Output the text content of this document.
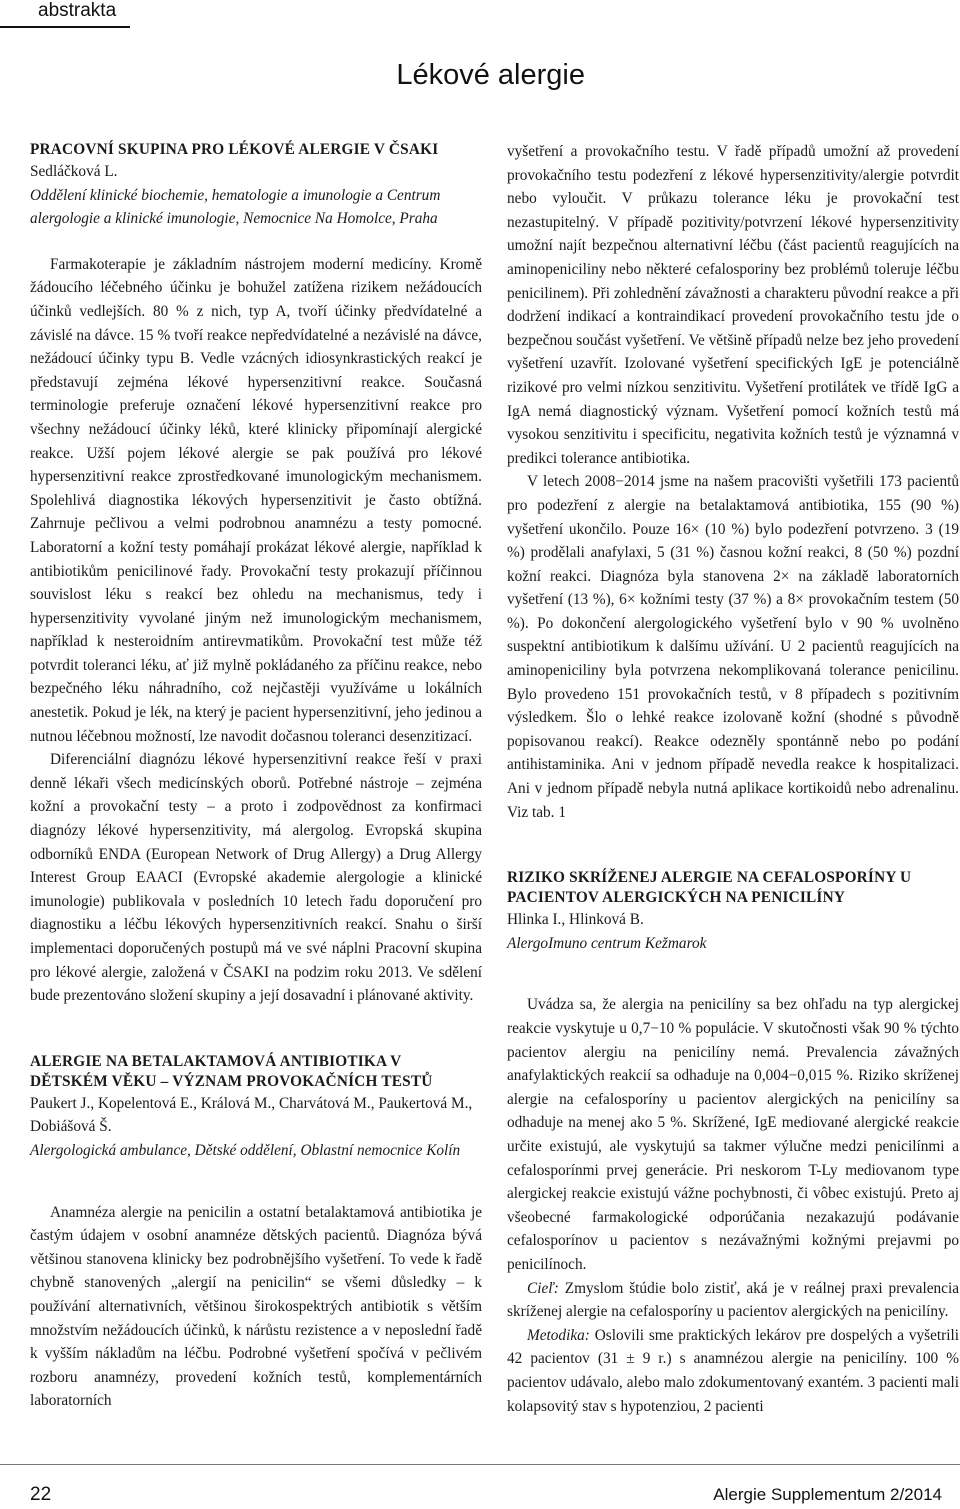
abstrakta
Lékové alergie
PRACOVNÍ SKUPINA PRO LÉKOVÉ ALERGIE V ČSAKI

Sedláčková L.

Oddělení klinické biochemie, hematologie a imunologie a Centrum alergologie a klinické imunologie, Nemocnice Na Homolce, Praha

Farmakoterapie je základním nástrojem moderní medicíny. Kromě žádoucího léčebného účinku je bohužel zatížena rizikem nežádoucích účinků vedlejších. 80 % z nich, typ A, tvoří účinky předvídatelné a závislé na dávce. 15 % tvoří reakce nepředvídatelné a nezávislé na dávce, nežádoucí účinky typu B. Vedle vzácných idiosynkrastických reakcí je představují zejména lékové hypersenzitivní reakce. Současná terminologie preferuje označení lékové hypersenzitivní reakce pro všechny nežádoucí účinky léků, které klinicky připomínají alergické reakce. Užší pojem lékové alergie se pak používá pro lékové hypersenzitivní reakce zprostředkované imunologickým mechanismem. Spolehlivá diagnostika lékových hypersenzitivit je často obtížná. Zahrnuje pečlivou a velmi podrobnou anamnézu a testy pomocné. Laboratorní a kožní testy pomáhají prokázat lékové alergie, například k antibiotikům penicilinové řady. Provokační testy prokazují příčinnou souvislost léku s reakcí bez ohledu na mechanismus, tedy i hypersenzitivity vyvolané jiným než imunologickým mechanismem, například k nesteroidním antirevmatikům. Provokační test může též potvrdit toleranci léku, ať již mylně pokládaného za příčinu reakce, nebo bezpečného léku náhradního, což nejčastěji využíváme u lokálních anestetik. Pokud je lék, na který je pacient hypersenzitivní, jeho jedinou a nutnou léčebnou možností, lze navodit dočasnou toleranci desenzitizací.

Diferenciální diagnózu lékové hypersenzitivní reakce řeší v praxi denně lékaři všech medicínských oborů. Potřebné nástroje – zejména kožní a provokační testy – a proto i zodpovědnost za konfirmaci diagnózy lékové hypersenzitivity, má alergolog. Evropská skupina odborníků ENDA (European Network of Drug Allergy) a Drug Allergy Interest Group EAACI (Evropské akademie alergologie a klinické imunologie) publikovala v posledních 10 letech řadu doporučení pro diagnostiku a léčbu lékových hypersenzitivních reakcí. Snahu o širší implementaci doporučených postupů má ve své náplni Pracovní skupina pro lékové alergie, založená v ČSAKI na podzim roku 2013. Ve sdělení bude prezentováno složení skupiny a její dosavadní i plánované aktivity.

ALERGIE NA BETALAKTAMOVÁ ANTIBIOTIKA V DĚTSKÉM VĚKU – VÝZNAM PROVOKAČNÍCH TESTŮ

Paukert J., Kopelentová E., Králová M., Charvátová M., Paukertová M., Dobiášová Š.

Alergologická ambulance, Dětské oddělení, Oblastní nemocnice Kolín

Anamnéza alergie na penicilin a ostatní betalaktamová antibiotika je častým údajem v osobní anamnéze dětských pacientů. Diagnóza bývá většinou stanovena klinicky bez podrobnějšího vyšetření. To vede k řadě chybně stanovených „alergií na penicilin“ se všemi důsledky – k používání alternativních, většinou širokospektrých antibiotik s větším množstvím nežádoucích účinků, k nárůstu rezistence a v neposlední řadě k vyšším nákladům na léčbu. Podrobné vyšetření spočívá v pečlivém rozboru anamnézy, provedení kožních testů, komplementárních laboratorních

vyšetření a provokačního testu. V řadě případů umožní až provedení provokačního testu podezření z lékové hypersenzitivity/alergie potvrdit nebo vyloučit. V průkazu tolerance léku je provokační test nezastupitelný. V případě pozitivity/potvrzení lékové hypersenzitivity umožní najít bezpečnou alternativní léčbu (část pacientů reagujících na aminopeniciliny nebo některé cefalosporiny bez problémů toleruje léčbu penicilinem). Při zohlednění závažnosti a charakteru původní reakce a při dodržení indikací a kontraindikací provedení provokačního testu jde o bezpečnou součást vyšetření. Ve většině případů nelze bez jeho provedení vyšetření uzavřít. Izolované vyšetření specifických IgE je potenciálně rizikové pro velmi nízkou senzitivitu. Vyšetření protilátek ve třídě IgG a IgA nemá diagnostický význam. Vyšetření pomocí kožních testů má vysokou senzitivitu i specificitu, negativita kožních testů je významná v predikci tolerance antibiotika.

V letech 2008−2014 jsme na našem pracovišti vyšetřili 173 pacientů pro podezření z alergie na betalaktamová antibiotika, 155 (90 %) vyšetření ukončilo. Pouze 16× (10 %) bylo podezření potvrzeno. 3 (19 %) prodělali anafylaxi, 5 (31 %) časnou kožní reakci, 8 (50 %) pozdní kožní reakci. Diagnóza byla stanovena 2× na základě laboratorních vyšetření (13 %), 6× kožními testy (37 %) a 8× provokačním testem (50 %). Po dokončení alergologického vyšetření bylo v 90 % uvolněno suspektní antibiotikum k dalšímu užívání. U 2 pacientů reagujících na aminopeniciliny byla potvrzena nekomplikovaná tolerance penicilinu. Bylo provedeno 151 provokačních testů, v 8 případech s pozitivním výsledkem. Šlo o lehké reakce izolovaně kožní (shodné s původně popisovanou reakcí). Reakce odezněly spontánně nebo po podání antihistaminika. Ani v jednom případě nevedla reakce k hospitalizaci. Ani v jednom případě nebyla nutná aplikace kortikoidů nebo adrenalinu. Viz tab. 1

RIZIKO SKRÍŽENEJ ALERGIE NA CEFALOSPORÍNY U PACIENTOV ALERGICKÝCH NA PENICILÍNY

Hlinka I., Hlinková B.

AlergoImuno centrum Kežmarok

Uvádza sa, že alergia na penicilíny sa bez ohľadu na typ alergickej reakcie vyskytuje u 0,7−10 % populácie. V skutočnosti však 90 % týchto pacientov alergiu na penicilíny nemá. Prevalencia závažných anafylaktických reakcií sa odhaduje na 0,004−0,015 %. Riziko skríženej alergie na cefalosporíny u pacientov alergických na penicilíny sa odhaduje na menej ako 5 %. Skrížené, IgE mediované alergické reakcie určite existujú, ale vyskytujú sa takmer výlučne medzi penicilínmi a cefalosporínmi prvej generácie. Pri neskorom T-Ly mediovanom type alergickej reakcie existujú vážne pochybnosti, či vôbec existujú. Preto aj všeobecné farmakologické odporúčania nezakazujú podávanie cefalosporínov u pacientov s nezávažnými kožnými prejavmi po penicilínoch.

Cieľ: Zmyslom štúdie bolo zistiť, aká je v reálnej praxi prevalencia skríženej alergie na cefalosporíny u pacientov alergických na penicilíny.

Metodika: Oslovili sme praktických lekárov pre dospelých a vyšetrili 42 pacientov (31 ± 9 r.) s anamnézou alergie na penicilíny. 100 % pacientov udávalo, alebo malo zdokumentovaný exantém. 3 pacienti mali kolapsovitý stav s hypotenziou, 2 pacienti

22	Alergie Supplementum 2/2014
